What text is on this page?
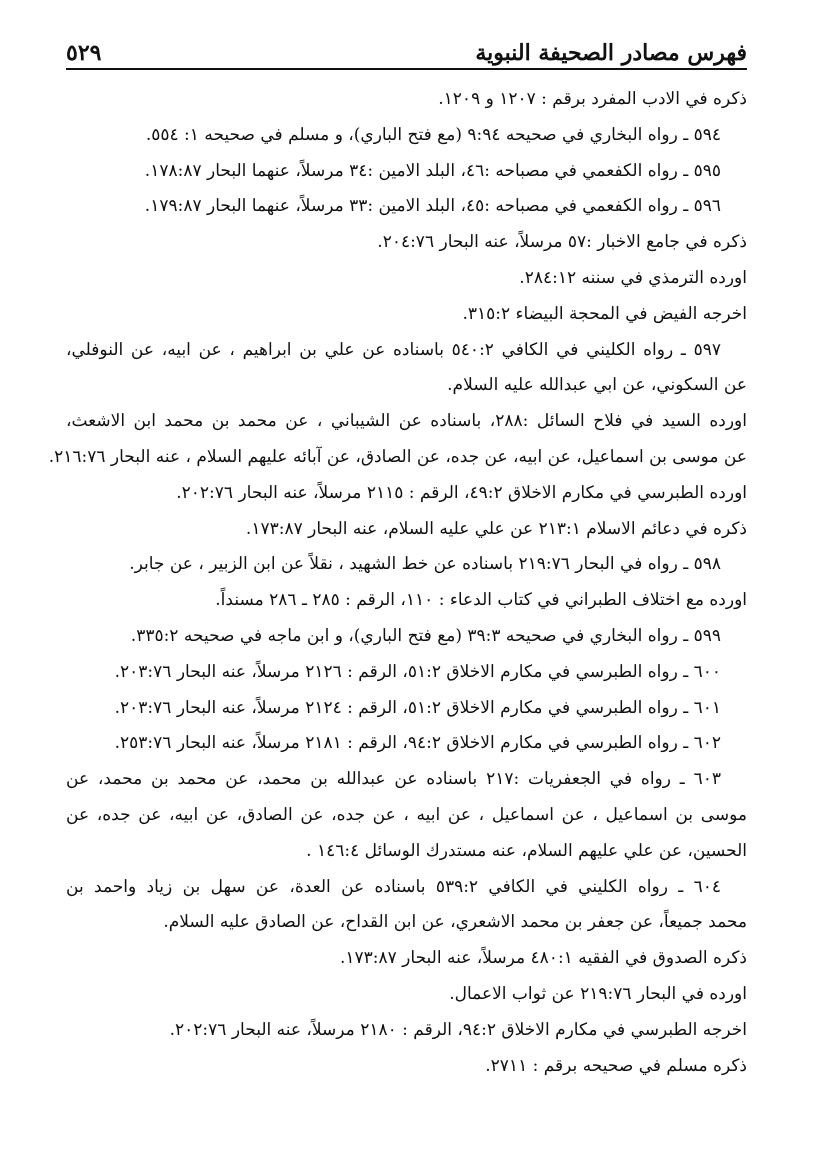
فهرس مصادر الصحيفة النبوية
٥٢٩
ذكره في الادب المفرد برقم : ١٢٠٧ و ١٢٠٩.
٥٩٤ ـ رواه البخاري في صحيحه ٩:٩٤ (مع فتح الباري)، و مسلم في صحيحه ١: ٥٥٤.
٥٩٥ ـ رواه الكفعمي في مصباحه :٤٦، البلد الامين :٣٤ مرسلاً، عنهما البحار ١٧٨:٨٧.
٥٩٦ ـ رواه الكفعمي في مصباحه :٤٥، البلد الامين :٣٣ مرسلاً، عنهما البحار ١٧٩:٨٧.
ذكره في جامع الاخبار :٥٧ مرسلاً، عنه البحار ٢٠٤:٧٦.
اورده الترمذي في سننه ٢٨٤:١٢.
اخرجه الفيض في المحجة البيضاء ٣١٥:٢.
٥٩٧ ـ رواه الكليني في الكافي ٥٤٠:٢ باسناده عن علي بن ابراهيم ، عن ابيه، عن النوفلي،
عن السكوني، عن ابي عبدالله عليه السلام.
اورده السيد في فلاح السائل :٢٨٨، باسناده عن الشيباني ، عن محمد بن محمد ابن الاشعث،
عن موسى بن اسماعيل، عن ابيه، عن جده، عن الصادق، عن آبائه عليهم السلام ، عنه البحار ٢١٦:٧٦.
اورده الطبرسي في مكارم الاخلاق ٤٩:٢، الرقم : ٢١١٥ مرسلاً، عنه البحار ٢٠٢:٧٦.
ذكره في دعائم الاسلام ٢١٣:١ عن علي عليه السلام، عنه البحار ١٧٣:٨٧.
٥٩٨ ـ رواه في البحار ٢١٩:٧٦ باسناده عن خط الشهيد ، نقلاً عن ابن الزبير ، عن جابر.
اورده مع اختلاف الطبراني في كتاب الدعاء : ١١٠، الرقم : ٢٨٥ ـ ٢٨٦ مسنداً.
٥٩٩ ـ رواه البخاري في صحيحه ٣٩:٣ (مع فتح الباري)، و ابن ماجه في صحيحه ٣٣٥:٢.
٦٠٠ ـ رواه الطبرسي في مكارم الاخلاق ٥١:٢، الرقم : ٢١٢٦ مرسلاً، عنه البحار ٢٠٣:٧٦.
٦٠١ ـ رواه الطبرسي في مكارم الاخلاق ٥١:٢، الرقم : ٢١٢٤ مرسلاً، عنه البحار ٢٠٣:٧٦.
٦٠٢ ـ رواه الطبرسي في مكارم الاخلاق ٩٤:٢، الرقم : ٢١٨١ مرسلاً، عنه البحار ٢٥٣:٧٦.
٦٠٣ ـ رواه في الجعفريات :٢١٧ باسناده عن عبدالله بن محمد، عن محمد بن محمد، عن
موسى بن اسماعيل ، عن اسماعيل ، عن ابيه ، عن جده، عن الصادق، عن ابيه، عن جده، عن
الحسين، عن علي عليهم السلام، عنه مستدرك الوسائل ١٤٦:٤ .
٦٠٤ ـ رواه الكليني في الكافي ٥٣٩:٢ باسناده عن العدة، عن سهل بن زياد واحمد بن
محمد جميعاً، عن جعفر بن محمد الاشعري، عن ابن القداح، عن الصادق عليه السلام.
ذكره الصدوق في الفقيه ٤٨٠:١ مرسلاً، عنه البحار ١٧٣:٨٧.
اورده في البحار ٢١٩:٧٦ عن ثواب الاعمال.
اخرجه الطبرسي في مكارم الاخلاق ٩٤:٢، الرقم : ٢١٨٠ مرسلاً، عنه البحار ٢٠٢:٧٦.
ذكره مسلم في صحيحه برقم : ٢٧١١.
